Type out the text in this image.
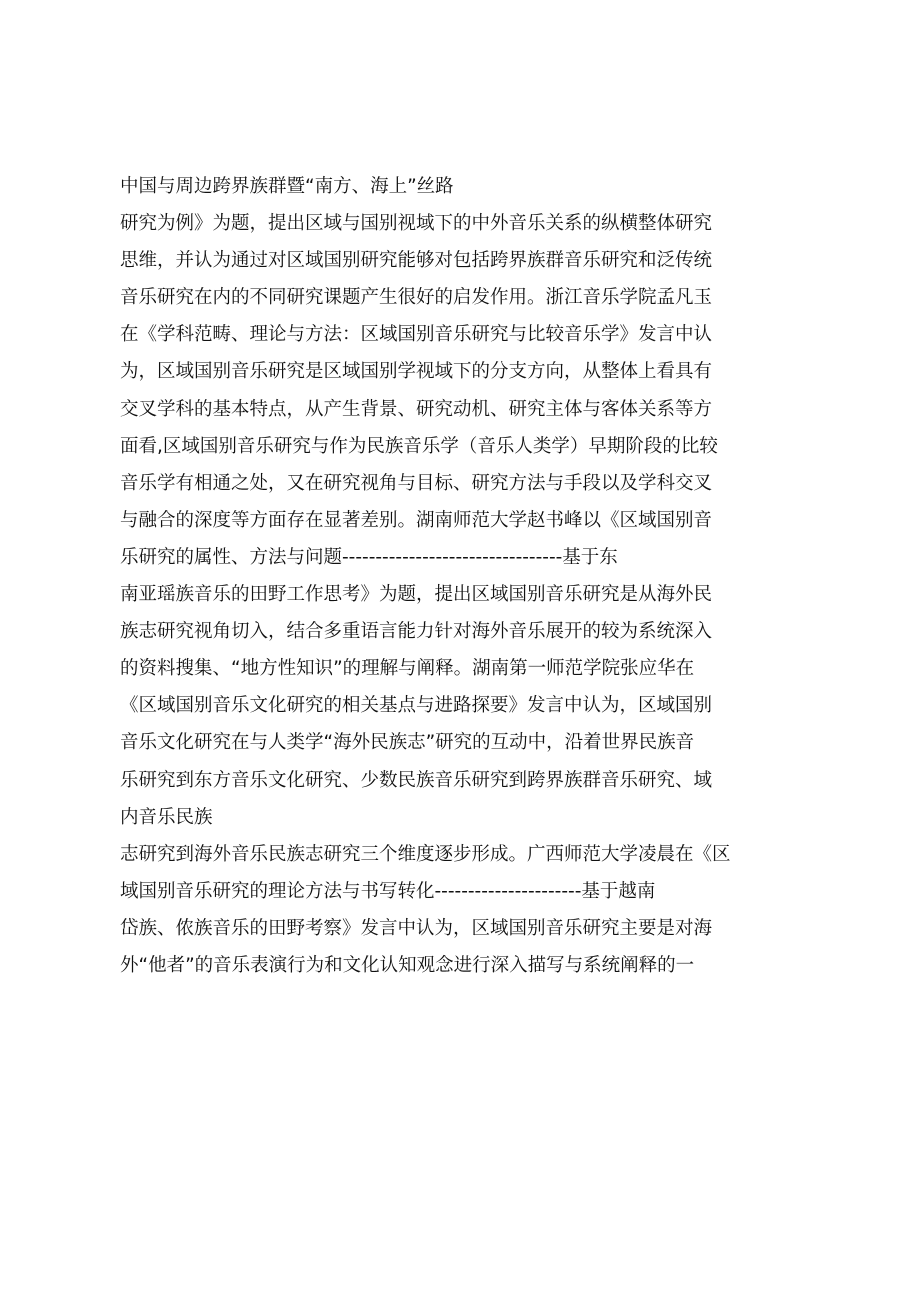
中国与周边跨界族群暨“南方、海上”丝路
研究为例》为题，提出区域与国别视域下的中外音乐关系的纵横整体研究
思维，并认为通过对区域国别研究能够对包括跨界族群音乐研究和泛传统
音乐研究在内的不同研究课题产生很好的启发作用。浙江音乐学院孟凡玉
在《学科范畴、理论与方法：区域国别音乐研究与比较音乐学》发言中认
为，区域国别音乐研究是区域国别学视域下的分支方向，从整体上看具有
交叉学科的基本特点，从产生背景、研究动机、研究主体与客体关系等方
面看,区域国别音乐研究与作为民族音乐学（音乐人类学）早期阶段的比较
音乐学有相通之处，又在研究视角与目标、研究方法与手段以及学科交叉
与融合的深度等方面存在显著差别。湖南师范大学赵书峰以《区域国别音
乐研究的属性、方法与问题---------------------------------基于东
南亚瑶族音乐的田野工作思考》为题，提出区域国别音乐研究是从海外民
族志研究视角切入，结合多重语言能力针对海外音乐展开的较为系统深入
的资料搜集、“地方性知识”的理解与阐释。湖南第一师范学院张应华在
《区域国别音乐文化研究的相关基点与进路探要》发言中认为，区域国别
音乐文化研究在与人类学“海外民族志”研究的互动中，沿着世界民族音
乐研究到东方音乐文化研究、少数民族音乐研究到跨界族群音乐研究、域
内音乐民族
志研究到海外音乐民族志研究三个维度逐步形成。广西师范大学凌晨在《区
域国别音乐研究的理论方法与书写转化----------------------基于越南
岱族、侬族音乐的田野考察》发言中认为，区域国别音乐研究主要是对海
外“他者”的音乐表演行为和文化认知观念进行深入描写与系统阐释的一
